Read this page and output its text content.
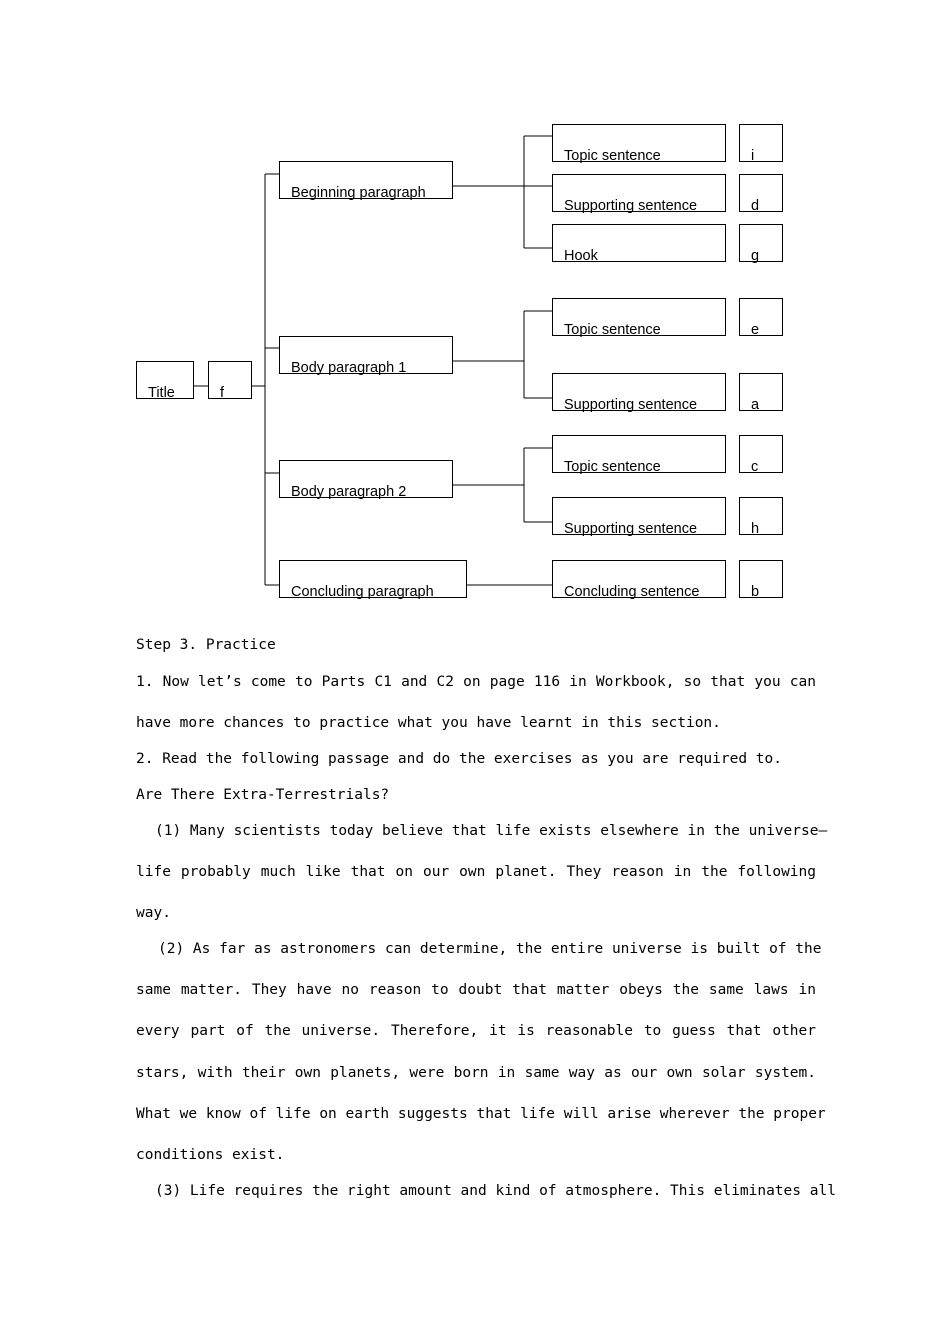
Title	f
Beginning paragraph
Body paragraph 1
Body paragraph 2
Concluding paragraph
Topic sentence	i
Supporting sentence	d
Hook	g
Topic sentence	e
Supporting sentence	a
Topic sentence	c
Supporting sentence	h
Concluding sentence	b
Step 3. Practice
1. Now let’s come to Parts C1 and C2 on page 116 in Workbook, so that you can
have more chances to practice what you have learnt in this section.
2. Read the following passage and do the exercises as you are required to.
Are There Extra-Terrestrials?
(1) Many scientists today believe that life exists elsewhere in the universe—
life probably much like that on our own planet. They reason in the following
way.
(2) As far as astronomers can determine, the entire universe is built of the
same matter. They have no reason to doubt that matter obeys the same laws in
every part of the universe. Therefore, it is reasonable to guess that other
stars, with their own planets, were born in same way as our own solar system.
What we know of life on earth suggests that life will arise wherever the proper
conditions exist.
(3) Life requires the right amount and kind of atmosphere. This eliminates all
